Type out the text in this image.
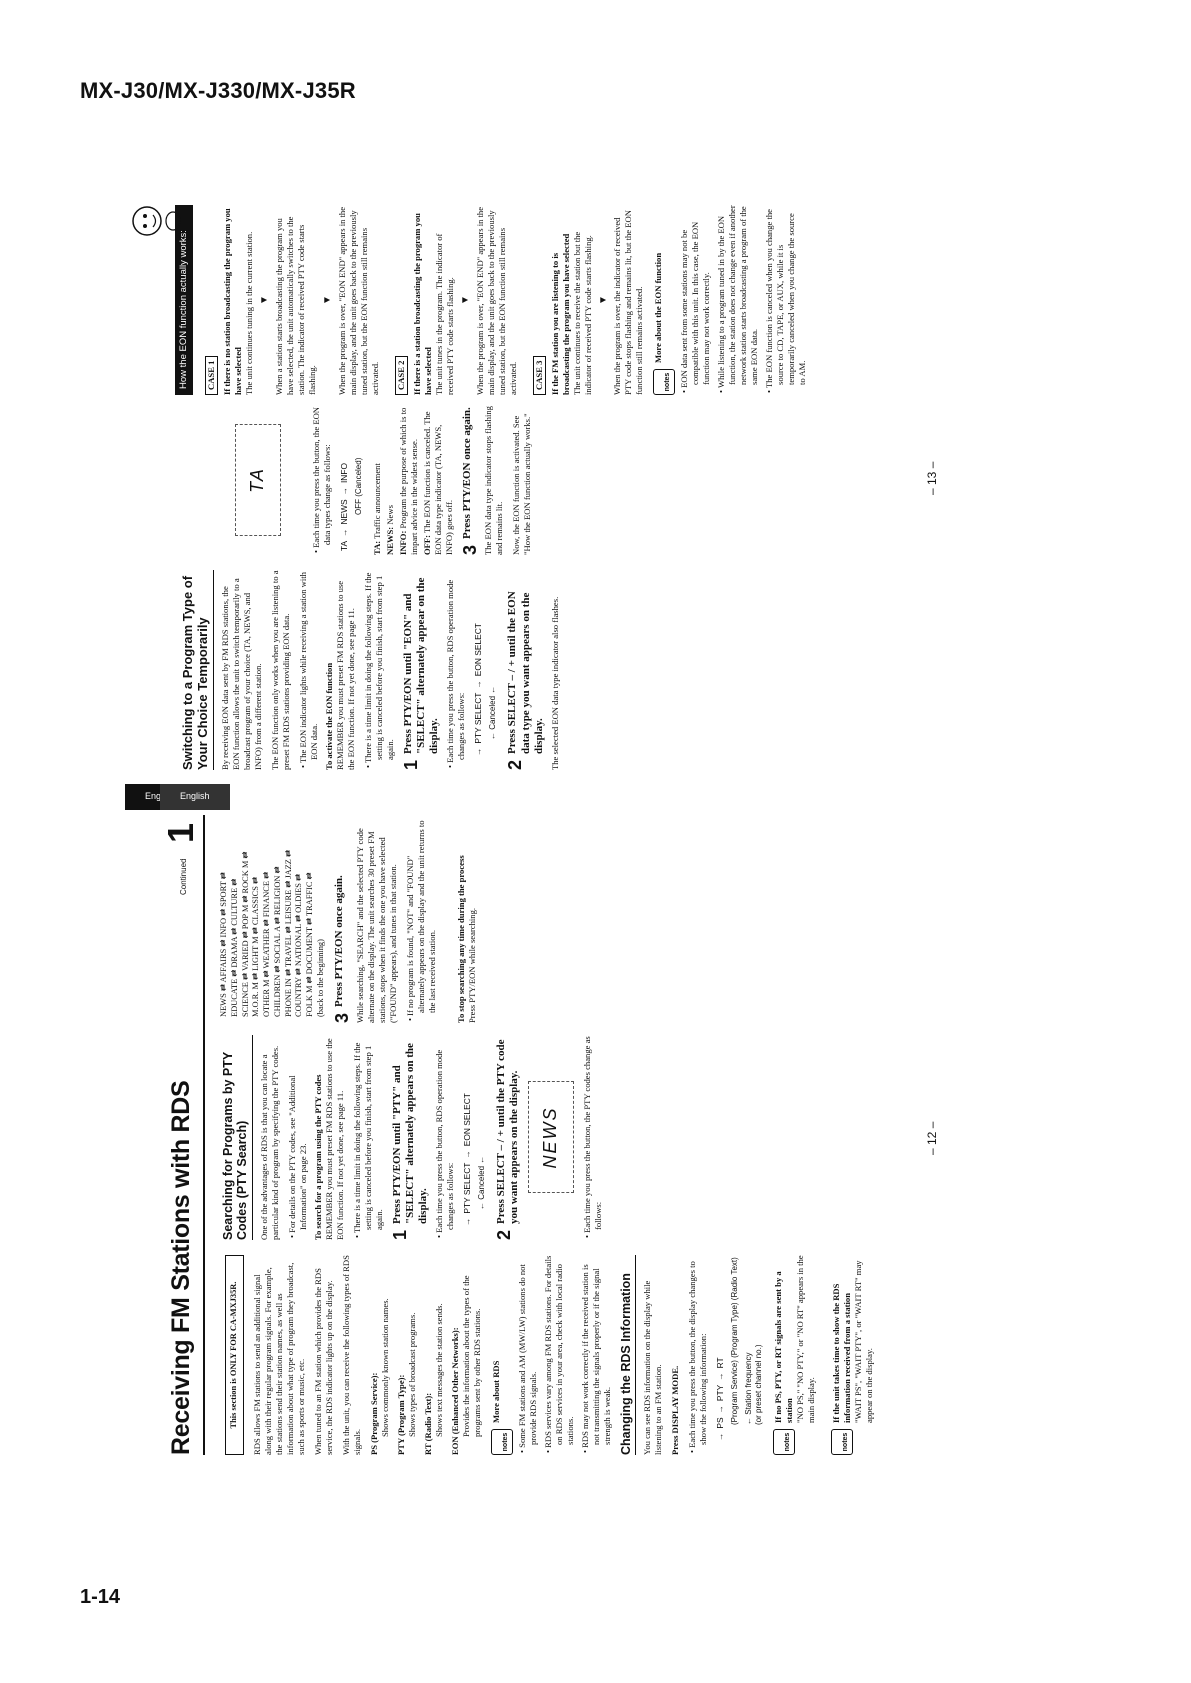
MX-J30/MX-J330/MX-J35R
Receiving FM Stations with RDS
Continued
1
This section is ONLY FOR CA-MXJ35R.	RDS allows FM stations to send an additional signal along with their regular program signals. For example, the stations send their station names, as well as information about what type of program they broadcast, such as sports or music, etc. When tuned to an FM station which provides the RDS service, the RDS indicator lights up on the display. With the unit, you can receive the following types of RDS signals. PS (Program Service): Shows commonly known station names. PTY (Program Type): Shows types of broadcast programs. RT (Radio Text): Shows text messages the station sends. EON (Enhanced Other Networks): Provides the information about the types of the programs sent by other RDS stations.

notes

More about RDS

• Some FM stations and AM (MW/LW) stations do not provide RDS signals.

• RDS services vary among FM RDS stations. For details on RDS services in your area, check with local radio stations.

• RDS may not work correctly if the received station is not transmitting the signals properly or if the signal strength is weak. Changing the RDS Information	You can see RDS information on the display while listening to an FM station. Press DISPLAY MODE. • Each time you press the button, the display changes to show the following information: →
PS
→
PTY
→
RT (Program Service) (Program Type) (Radio Text)
← Station frequency
(or preset channel no.)
notes

If no PS, PTY, or RT signals are sent by a station "NO PS," "NO PTY," or "NO RT" appears in the main display.

notes

If the unit takes time to show the RDS information received from a station "WAIT PS", "WAIT PTY", or "WAIT RT" may appear on the display.

Searching for Programs by PTY Codes (PTY Search)	One of the advantages of RDS is that you can locate a particular kind of program by specifying the PTY codes. • For details on the PTY codes, see "Additional Information" on page 23. To search for a program using the PTY codes REMEMBER you must preset FM RDS stations to use the EON function. If not yet done, see page 11. • There is a time limit in doing the following steps. If the setting is canceled before you finish, start from step 1 again.

1
Press PTY/EON until "PTY" and "SELECT" alternately appears on the display.

• Each time you press the button, RDS operation mode changes as follows: →
PTY SELECT
→
EON SELECT
← Canceled ←
2
Press SELECT – / + until the PTY code you want appears on the display.	NEWS

• Each time you press the button, the PTY codes change as follows:

NEWS ⇄ AFFAIRS ⇄ INFO ⇄ SPORT ⇄ EDUCATE ⇄ DRAMA ⇄ CULTURE ⇄ SCIENCE ⇄ VARIED ⇄ POP M ⇄ ROCK M ⇄ M.O.R. M ⇄ LIGHT M ⇄ CLASSICS ⇄ OTHER M ⇄ WEATHER ⇄ FINANCE ⇄ CHILDREN ⇄ SOCIAL A ⇄ RELIGION ⇄ PHONE IN ⇄ TRAVEL ⇄ LEISURE ⇄ JAZZ ⇄ COUNTRY ⇄ NATIONAL ⇄ OLDIES ⇄ FOLK M ⇄ DOCUMENT ⇄ TRAFFIC ⇄ (back to the beginning)
3
Press PTY/EON once again.	While searching, "SEARCH" and the selected PTY code alternate on the display. The unit searches 30 preset FM stations, stops when it finds the one you have selected ("FOUND" appears), and tunes in that station. • If no program is found, "NOT" and "FOUND" alternately appears on the display and the unit returns to the last received station. To stop searching any time during the process Press PTY/EON while searching.

– 12 –
English
Switching to a Program Type of Your Choice Temporarily	By receiving EON data sent by FM RDS stations, the EON function allows the unit to switch temporarily to a broadcast program of your choice (TA, NEWS, and INFO) from a different station. The EON function only works when you are listening to a preset FM RDS stations providing EON data. • The EON indicator lights while receiving a station with EON data. To activate the EON function REMEMBER you must preset FM RDS stations to use the EON function. If not yet done, see page 11. • There is a time limit in doing the following steps. If the setting is canceled before you finish, start from step 1 again.

1
Press PTY/EON until "EON" and "SELECT" alternately appear on the display.

• Each time you press the button, RDS operation mode changes as follows: →
PTY SELECT
→
EON SELECT
← Canceled ←
2
Press SELECT – / + until the EON data type you want appears on the display. The selected EON data type indicator also flashes.

TA

• Each time you press the button, the EON data types change as follows:

TA
→
NEWS
→
INFO
OFF (Canceled)
TA: Traffic announcement
NEWS: News
INFO: Program the purpose of which is to impart advice in the widest sense. OFF: The EON function is canceled. The EON data type indicator (TA, NEWS, INFO) goes off. 3
Press PTY/EON once again.	The EON data type indicator stops flashing and remains lit. Now, the EON function is activated. See "How the EON function actually works."

How the EON function actually works:	CASE 1 If there is no station broadcasting the program you have selected The unit continues tuning in the current station. ▼ When a station starts broadcasting the program you have selected, the unit automatically switches to the station. The indicator of received PTY code starts flashing.

▼ When the program is over, "EON END" appears in the main display, and the unit goes back to the previously tuned station, but the EON function still remains activated. CASE 2 If there is a station broadcasting the program you have selected The unit tunes in the program. The indicator of received PTY code starts flashing. ▼ When the program is over, "EON END" appears in the main display, and the unit goes back to the previously tuned station, but the EON function still remains activated. CASE 3 If the FM station you are listening to is broadcasting the program you have selected The unit continues to receive the station but the indicator of received PTY code starts flashing. ▼ When the program is over, the indicator of received PTY code stops flashing and remains lit, but the EON function still remains activated.	notes

More about the EON function

• EON data sent from some stations may not be compatible with this unit. In this case, the EON function may not work correctly.

• While listening to a program tuned in by the EON function, the station does not change even if another network station starts broadcasting a program of the same EON data.

• The EON function is canceled when you change the source to CD, TAPE, or AUX, while it is temporarily canceled when you change the source to AM.

– 13 –
1-14
